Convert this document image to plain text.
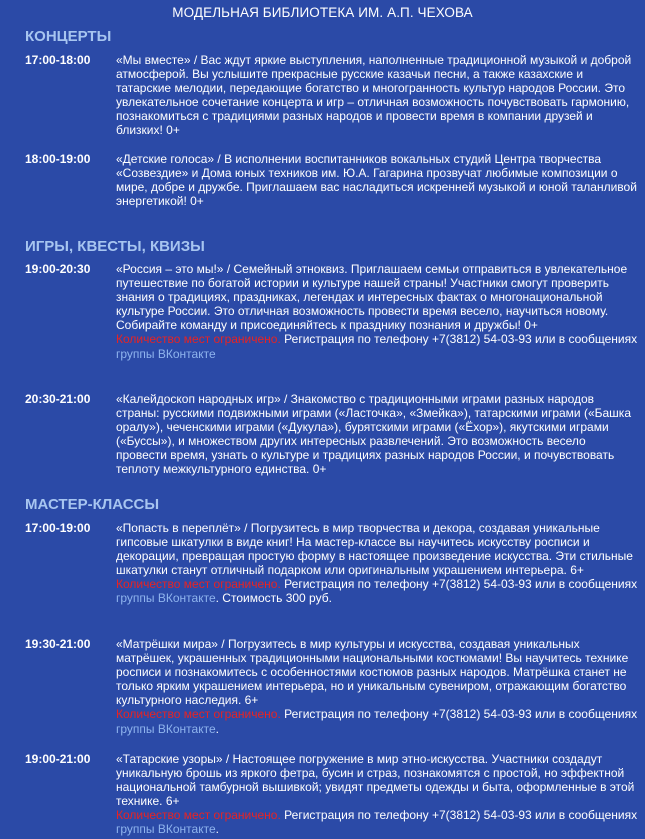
МОДЕЛЬНАЯ БИБЛИОТЕКА ИМ. А.П. ЧЕХОВА
КОНЦЕРТЫ
17:00-18:00	«Мы вместе» / Вас ждут яркие выступления, наполненные традиционной музыкой и доброй атмосферой. Вы услышите прекрасные русские казачьи песни, а также казахские и татарские мелодии, передающие богатство и многогранность культур народов России. Это увлекательное сочетание концерта и игр – отличная возможность почувствовать гармонию, познакомиться с традициями разных народов и провести время в компании друзей и близких! 0+
18:00-19:00	«Детские голоса» / В исполнении воспитанников вокальных студий Центра творчества «Созвездие» и Дома юных техников им. Ю.А. Гагарина прозвучат любимые композиции о мире, добре и дружбе. Приглашаем вас насладиться искренней музыкой и юной таланливой энергетикой! 0+
ИГРЫ, КВЕСТЫ, КВИЗЫ
19:00-20:30	«Россия – это мы!» / Семейный этноквиз. Приглашаем семьи отправиться в увлекательное путешествие по богатой истории и культуре нашей страны! Участники смогут проверить знания о традициях, праздниках, легендах и интересных фактах о многонациональной культуре России. Это отличная возможность провести время весело, научиться новому. Собирайте команду и присоединяйтесь к празднику познания и дружбы! 0+
Количество мест ограничено. Регистрация по телефону +7(3812) 54-03-93 или в сообщениях группы ВКонтакте
20:30-21:00	«Калейдоскоп народных игр» / Знакомство с традиционными играми разных народов страны: русскими подвижными играми («Ласточка», «Змейка»), татарскими играми («Башка оралу»), чеченскими играми («Дукула»), бурятскими играми («Ёхор»), якутскими играми («Буссы»), и множеством других интересных развлечений. Это возможность весело провести время, узнать о культуре и традициях разных народов России, и почувствовать теплоту межкультурного единства. 0+
МАСТЕР-КЛАССЫ
17:00-19:00	«Попасть в переплёт» / Погрузитесь в мир творчества и декора, создавая уникальные гипсовые шкатулки в виде книг! На мастер-классе вы научитесь искусству росписи и декорации, превращая простую форму в настоящее произведение искусства. Эти стильные шкатулки станут отличный подарком или оригинальным украшением интерьера. 6+
Количество мест ограничено. Регистрация по телефону +7(3812) 54-03-93 или в сообщениях группы ВКонтакте. Стоимость 300 руб.
19:30-21:00	«Матрёшки мира» / Погрузитесь в мир культуры и искусства, создавая уникальных матрёшек, украшенных традиционными национальными костюмами! Вы научитесь технике росписи и познакомитесь с особенностями костюмов разных народов. Матрёшка станет не только ярким украшением интерьера, но и уникальным сувениром, отражающим богатство культурного наследия. 6+
Количество мест ограничено. Регистрация по телефону +7(3812) 54-03-93 или в сообщениях группы ВКонтакте.
19:00-21:00	«Татарские узоры» / Настоящее погружение в мир этно-искусства. Участники создадут уникальную брошь из яркого фетра, бусин и страз, познакомятся с простой, но эффектной национальной тамбурной вышивкой; увидят предметы одежды и быта, оформленные в этой технике. 6+
Количество мест ограничено. Регистрация по телефону +7(3812) 54-03-93 или в сообщениях группы ВКонтакте.
